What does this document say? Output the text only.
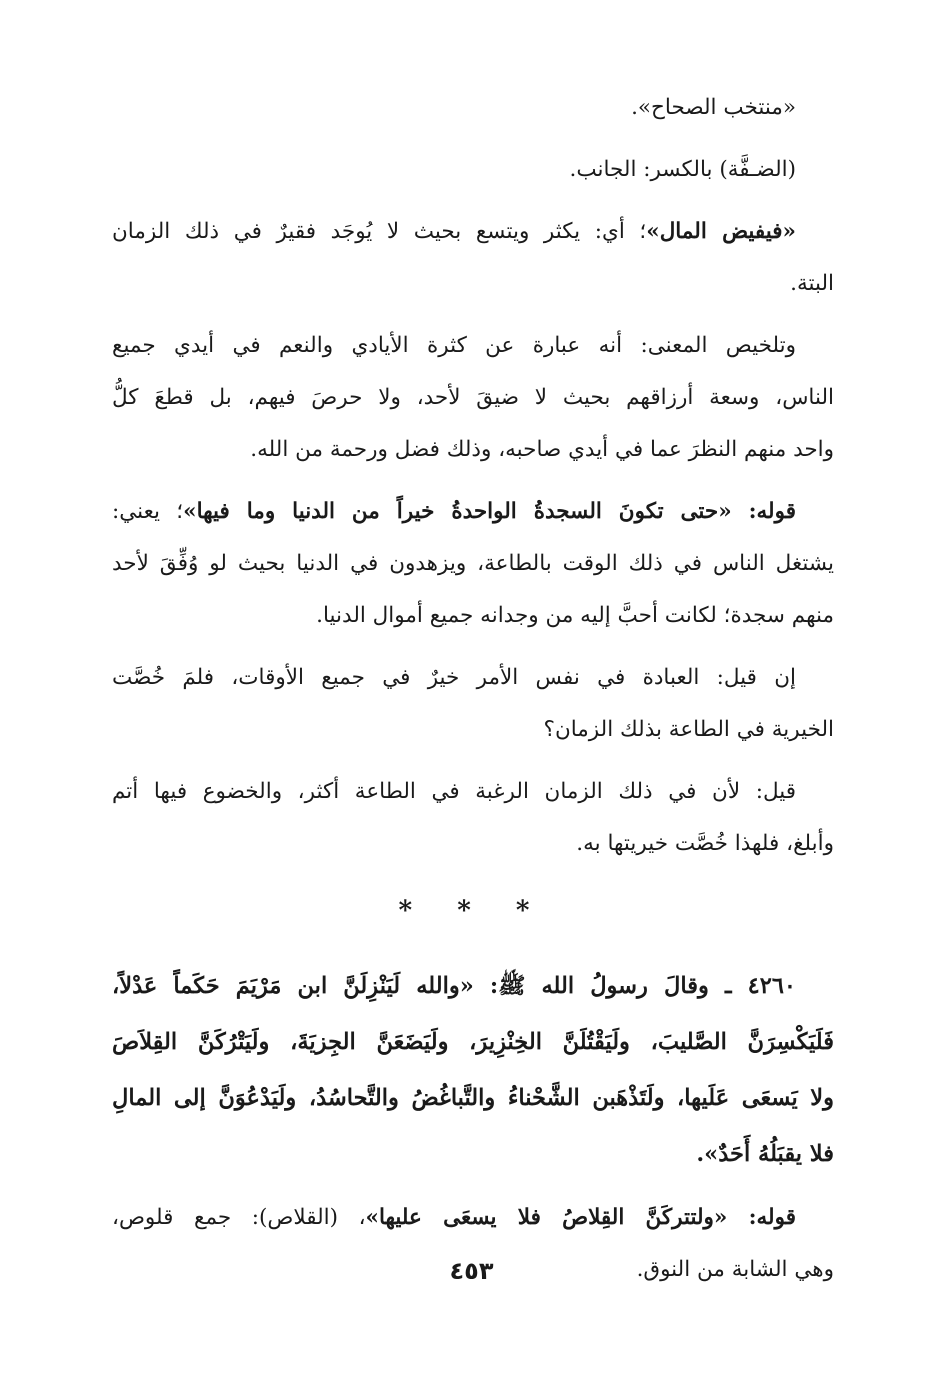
«منتخب الصحاح».
(الضـفَّة) بالكسر: الجانب.
«فيفيض المال»؛ أي: يكثر ويتسع بحيث لا يُوجَد فقيرٌ في ذلك الزمان
البتة.
وتلخيص المعنى: أنه عبارة عن كثرة الأيادي والنعم في أيدي جميع
الناس، وسعة أرزاقهم بحيث لا ضيقَ لأحد، ولا حرصَ فيهم، بل قطعَ كلُّ
واحد منهم النظرَ عما في أيدي صاحبه، وذلك فضل ورحمة من الله.
قوله: «حتى تكونَ السجدةُ الواحدةُ خيراً من الدنيا وما فيها»؛ يعني:
يشتغل الناس في ذلك الوقت بالطاعة، ويزهدون في الدنيا بحيث لو وُفِّقَ لأحد
منهم سجدة؛ لكانت أحبَّ إليه من وجدانه جميع أموال الدنيا.
إن قيل: العبادة في نفس الأمر خيرٌ في جميع الأوقات، فلمَ خُصَّت
الخيرية في الطاعة بذلك الزمان؟
قيل: لأن في ذلك الزمان الرغبة في الطاعة أكثر، والخضوع فيها أتم
وأبلغ، فلهذا خُصَّت خيريتها به.
* * *
٤٢٦٠ ـ وقالَ رسولُ الله ﷺ: «والله لَيَنْزِلَنَّ ابن مَرْيَمَ حَكَماً عَدْلاً،
فَلَيَكْسِرَنَّ الصَّليبَ، ولَيَقْتُلَنَّ الخِنْزِيرَ، ولَيَضَعَنَّ الجِزيَةَ، ولَيَتْرُكَنَّ القِلاَصَ
ولا يَسعَى عَلَيها، ولَتَذْهَبن الشَّحْناءُ والتَّباغُضُ والتَّحاسُدُ، ولَيَدْعُوَنَّ إلى المالِ
فلا يقبَلُهُ أَحَدٌ».
قوله: «ولتتركَنَّ القِلاصُ فلا يسعَى عليها»، (القلاص): جمع قلوص،
وهي الشابة من النوق.
٤٥٣
